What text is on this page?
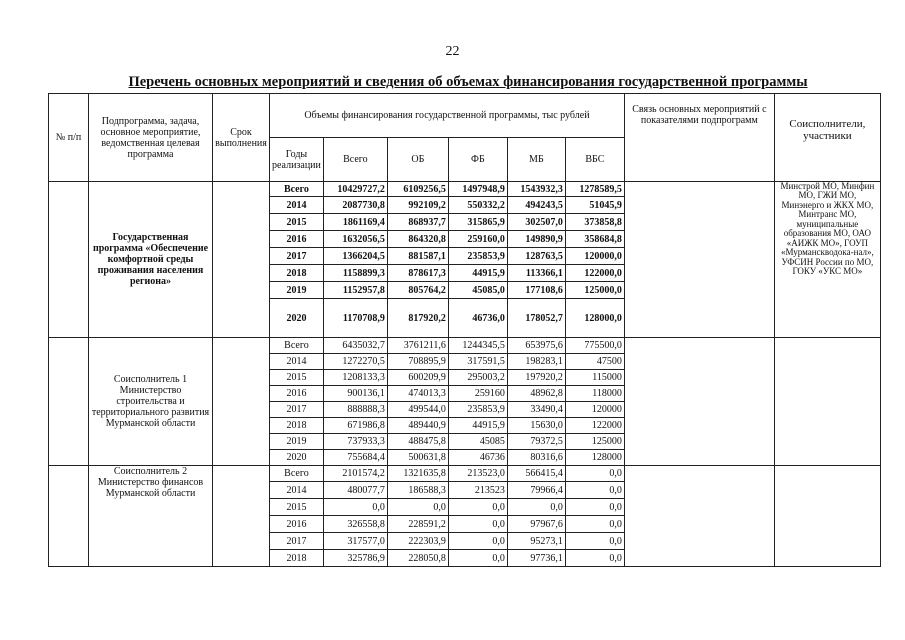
22
Перечень основных мероприятий и сведения об объемах финансирования государственной программы
№ п/п	Подпрограмма, задача, основное мероприятие, ведомственная целевая программа	Срок выполнения	Объемы финансирования государственной программы, тыс рублей						Связь основных мероприятий с показателями подпрограмм	Соисполнители, участники
			Годы реализации	Всего	ОБ	ФБ	МБ	ВБС		
	Государственная программа «Обеспечение комфортной среды проживания населения региона»		Всего	10429727,2	6109256,5	1497948,9	1543932,3	1278589,5		Минстрой МО, Минфин МО, ГЖИ МО, Минэнерго и ЖКХ МО, Минтранс МО, муниципальные образования МО, ОАО «АИЖК МО», ГОУП «Мурманскводока-нал», УФСИН России по МО, ГОКУ «УКС МО»
			2014	2087730,8	992109,2	550332,2	494243,5	51045,9		
			2015	1861169,4	868937,7	315865,9	302507,0	373858,8		
			2016	1632056,5	864320,8	259160,0	149890,9	358684,8		
			2017	1366204,5	881587,1	235853,9	128763,5	120000,0		
			2018	1158899,3	878617,3	44915,9	113366,1	122000,0		
			2019	1152957,8	805764,2	45085,0	177108,6	125000,0		
			2020	1170708,9	817920,2	46736,0	178052,7	128000,0		
	Соисполнитель 1 Министерство строительства и территориального развития Мурманской области		Всего	6435032,7	3761211,6	1244345,5	653975,6	775500,0		
			2014	1272270,5	708895,9	317591,5	198283,1	47500		
			2015	1208133,3	600209,9	295003,2	197920,2	115000		
			2016	900136,1	474013,3	259160	48962,8	118000		
			2017	888888,3	499544,0	235853,9	33490,4	120000		
			2018	671986,8	489440,9	44915,9	15630,0	122000		
			2019	737933,3	488475,8	45085	79372,5	125000		
			2020	755684,4	500631,8	46736	80316,6	128000		
	Соисполнитель 2 Министерство финансов Мурманской области		Всего	2101574,2	1321635,8	213523,0	566415,4	0,0		
			2014	480077,7	186588,3	213523	79966,4	0,0		
			2015	0,0	0,0	0,0	0,0	0,0		
			2016	326558,8	228591,2	0,0	97967,6	0,0		
			2017	317577,0	222303,9	0,0	95273,1	0,0		
			2018	325786,9	228050,8	0,0	97736,1	0,0		
